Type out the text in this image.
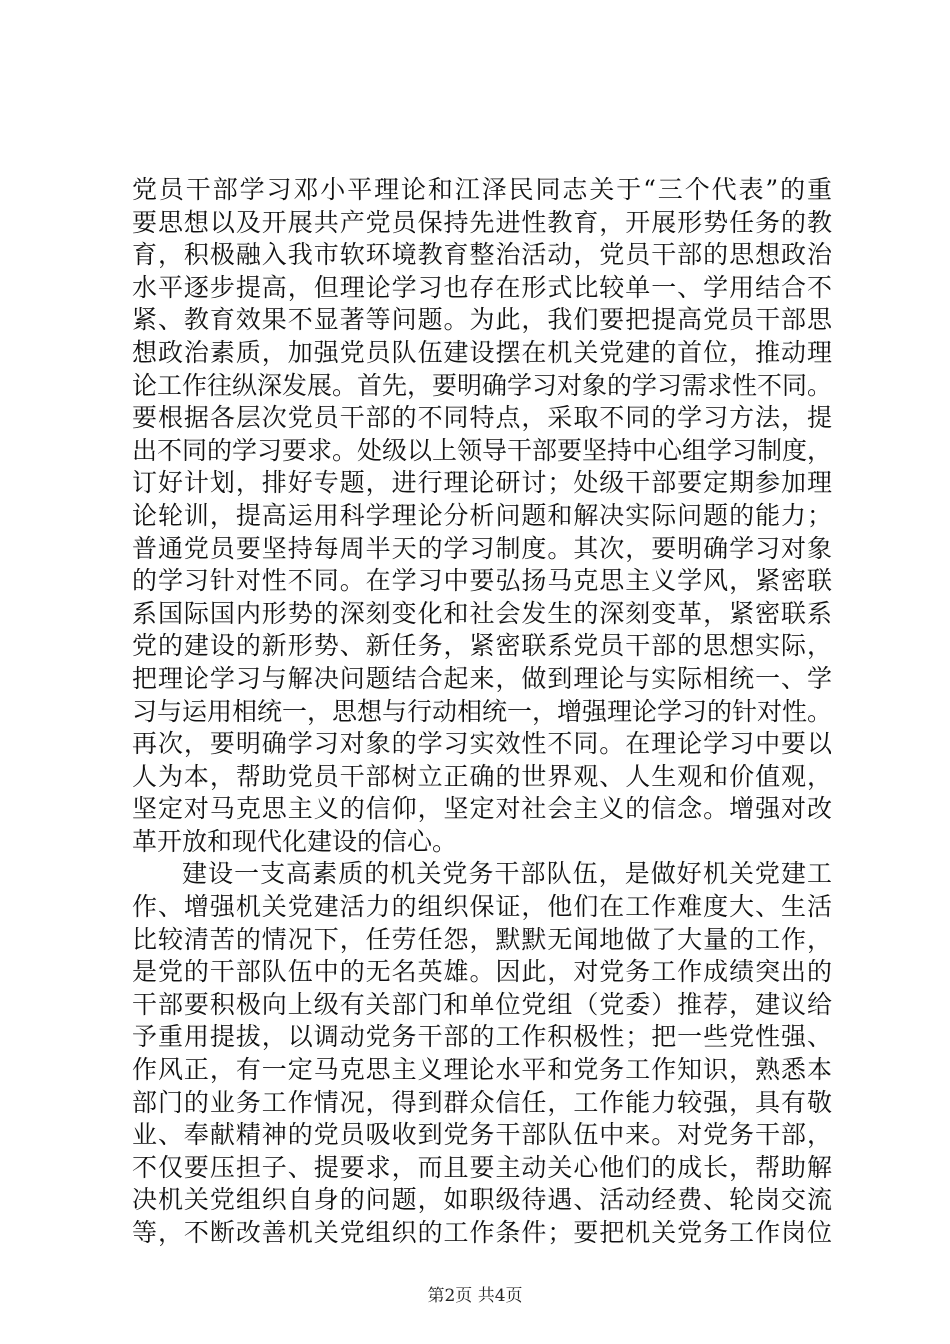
党员干部学习邓小平理论和江泽民同志关于“三个代表”的重
要思想以及开展共产党员保持先进性教育，开展形势任务的教
育，积极融入我市软环境教育整治活动，党员干部的思想政治
水平逐步提高，但理论学习也存在形式比较单一、学用结合不
紧、教育效果不显著等问题。为此，我们要把提高党员干部思
想政治素质，加强党员队伍建设摆在机关党建的首位，推动理
论工作往纵深发展。首先，要明确学习对象的学习需求性不同。
要根据各层次党员干部的不同特点，采取不同的学习方法，提
出不同的学习要求。处级以上领导干部要坚持中心组学习制度，
订好计划，排好专题，进行理论研讨；处级干部要定期参加理
论轮训，提高运用科学理论分析问题和解决实际问题的能力；
普通党员要坚持每周半天的学习制度。其次，要明确学习对象
的学习针对性不同。在学习中要弘扬马克思主义学风，紧密联
系国际国内形势的深刻变化和社会发生的深刻变革，紧密联系
党的建设的新形势、新任务，紧密联系党员干部的思想实际，
把理论学习与解决问题结合起来，做到理论与实际相统一、学
习与运用相统一，思想与行动相统一，增强理论学习的针对性。
再次，要明确学习对象的学习实效性不同。在理论学习中要以
人为本，帮助党员干部树立正确的世界观、人生观和价值观，
坚定对马克思主义的信仰，坚定对社会主义的信念。增强对改
革开放和现代化建设的信心。
建设一支高素质的机关党务干部队伍，是做好机关党建工
作、增强机关党建活力的组织保证，他们在工作难度大、生活
比较清苦的情况下，任劳任怨，默默无闻地做了大量的工作，
是党的干部队伍中的无名英雄。因此，对党务工作成绩突出的
干部要积极向上级有关部门和单位党组（党委）推荐，建议给
予重用提拔，以调动党务干部的工作积极性；把一些党性强、
作风正，有一定马克思主义理论水平和党务工作知识，熟悉本
部门的业务工作情况，得到群众信任，工作能力较强，具有敬
业、奉献精神的党员吸收到党务干部队伍中来。对党务干部，
不仅要压担子、提要求，而且要主动关心他们的成长，帮助解
决机关党组织自身的问题，如职级待遇、活动经费、轮岗交流
等，不断改善机关党组织的工作条件；要把机关党务工作岗位
第2页 共4页
